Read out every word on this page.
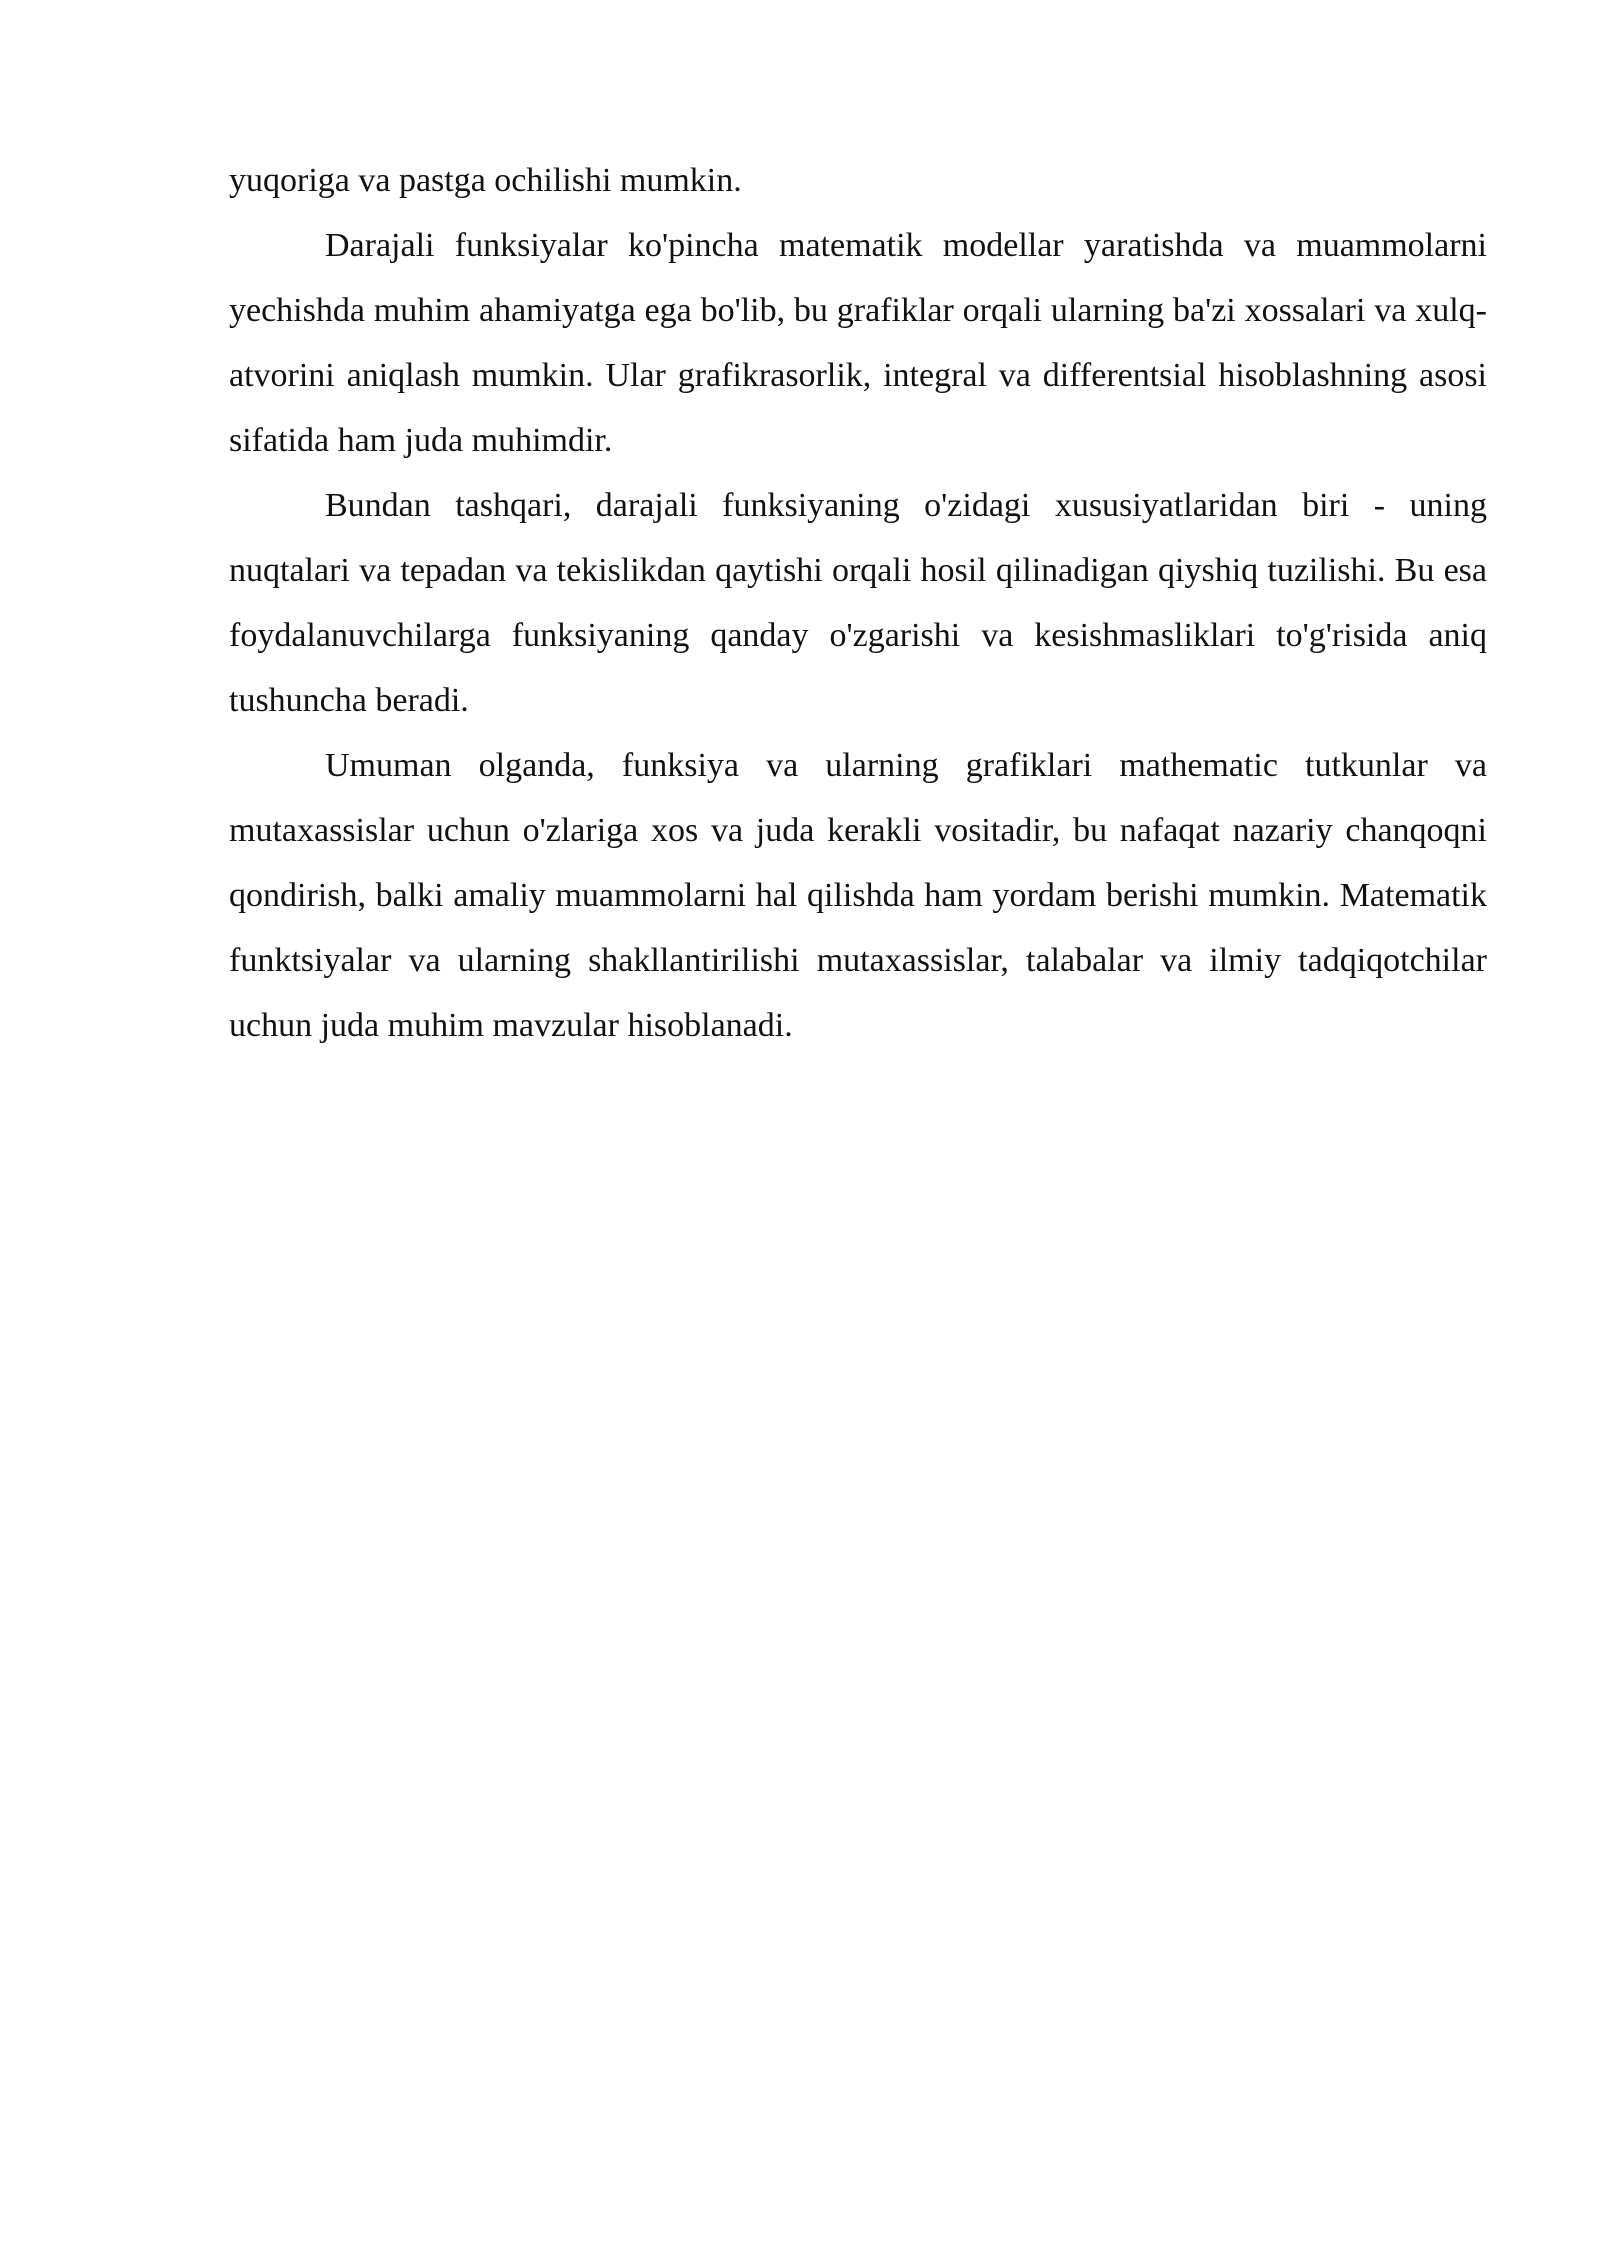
yuqoriga va pastga ochilishi mumkin.

Darajali funksiyalar ko'pincha matematik modellar yaratishda va muammolarni yechishda muhim ahamiyatga ega bo'lib, bu grafiklar orqali ularning ba'zi xossalari va xulq-atvorini aniqlash mumkin. Ular grafikrasorlik, integral va differentsial hisoblashning asosi sifatida ham juda muhimdir.

Bundan tashqari, darajali funksiyaning o'zidagi xususiyatlaridan biri - uning nuqtalari va tepadan va tekislikdan qaytishi orqali hosil qilinadigan qiyshiq tuzilishi. Bu esa foydalanuvchilarga funksiyaning qanday o'zgarishi va kesishmasliklari to'g'risida aniq tushuncha beradi.

Umuman olganda, funksiya va ularning grafiklari mathematic tutkunlar va mutaxassislar uchun o'zlariga xos va juda kerakli vositadir, bu nafaqat nazariy chanqoqni qondirish, balki amaliy muammolarni hal qilishda ham yordam berishi mumkin. Matematik funktsiyalar va ularning shakllantirilishi mutaxassislar, talabalar va ilmiy tadqiqotchilar uchun juda muhim mavzular hisoblanadi.
